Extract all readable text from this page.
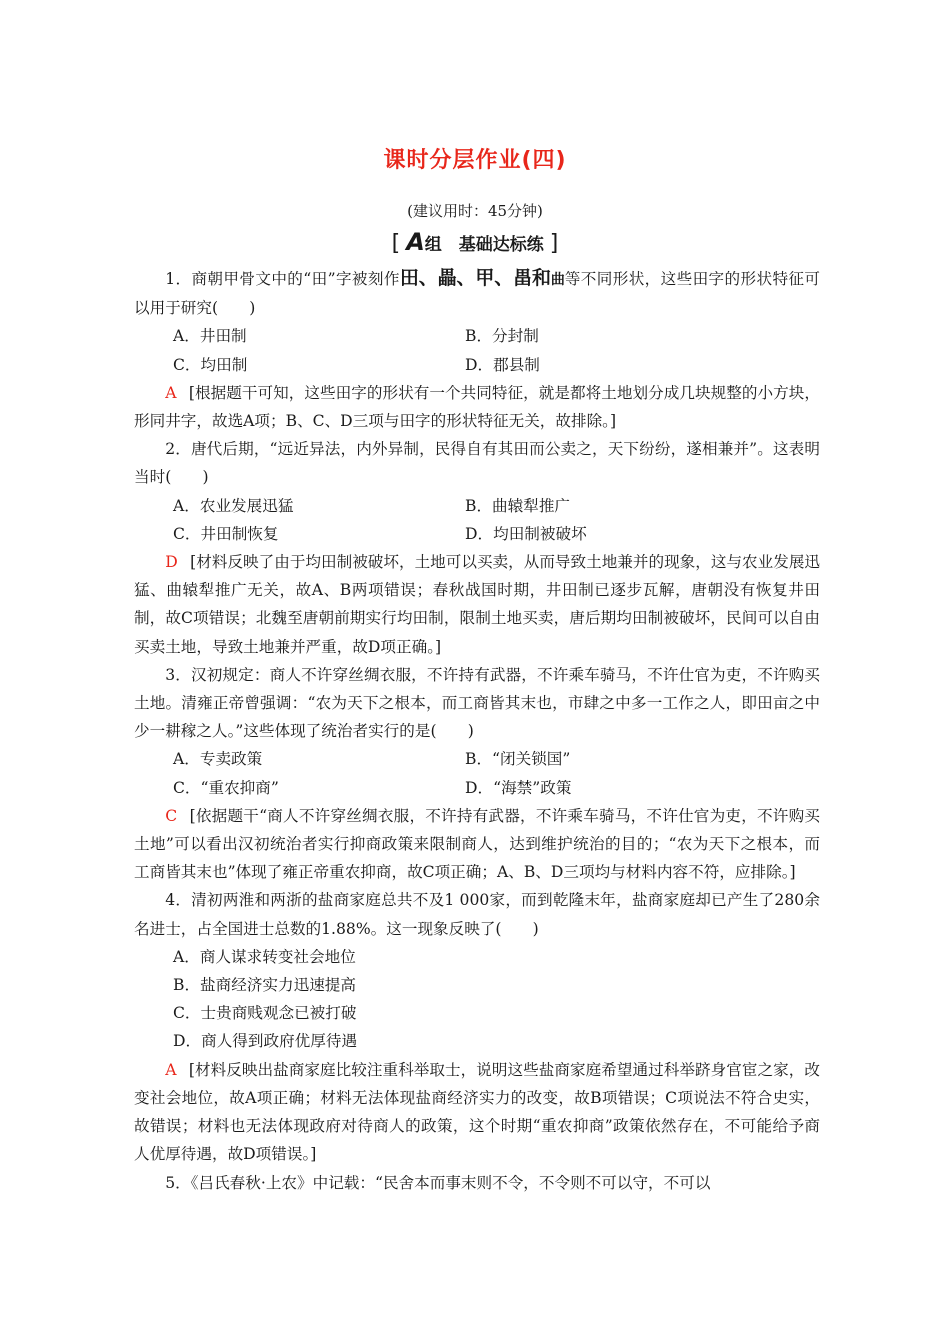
课时分层作业(四)
(建议用时：45分钟)
[ A组　基础达标练 ]

1．商朝甲骨文中的“田”字被刻作田、畾、甲、畕和曲等不同形状，这些田字的形状特征可以用于研究(　　)

A．井田制	B．分封制
C．均田制	D．郡县制

A [根据题干可知，这些田字的形状有一个共同特征，就是都将土地划分成几块规整的小方块，形同井字，故选A项；B、C、D三项与田字的形状特征无关，故排除。]

2．唐代后期，“远近异法，内外异制，民得自有其田而公卖之，天下纷纷，遂相兼并”。这表明当时(　　)

A．农业发展迅猛	B．曲辕犁推广
C．井田制恢复	D．均田制被破坏

D [材料反映了由于均田制被破坏，土地可以买卖，从而导致土地兼并的现象，这与农业发展迅猛、曲辕犁推广无关，故A、B两项错误；春秋战国时期，井田制已逐步瓦解，唐朝没有恢复井田制，故C项错误；北魏至唐朝前期实行均田制，限制土地买卖，唐后期均田制被破坏，民间可以自由买卖土地，导致土地兼并严重，故D项正确。]

3．汉初规定：商人不许穿丝绸衣服，不许持有武器，不许乘车骑马，不许仕官为吏，不许购买土地。清雍正帝曾强调：“农为天下之根本，而工商皆其末也，市肆之中多一工作之人，即田亩之中少一耕稼之人。”这些体现了统治者实行的是(　　)

A．专卖政策	B．“闭关锁国”
C．“重农抑商”	D．“海禁”政策

C [依据题干“商人不许穿丝绸衣服，不许持有武器，不许乘车骑马，不许仕官为吏，不许购买土地”可以看出汉初统治者实行抑商政策来限制商人，达到维护统治的目的；“农为天下之根本，而工商皆其末也”体现了雍正帝重农抑商，故C项正确；A、B、D三项均与材料内容不符，应排除。]

4．清初两淮和两浙的盐商家庭总共不及1 000家，而到乾隆末年，盐商家庭却已产生了280余名进士，占全国进士总数的1.88%。这一现象反映了(　　)

A．商人谋求转变社会地位

B．盐商经济实力迅速提高

C．士贵商贱观念已被打破

D．商人得到政府优厚待遇

A [材料反映出盐商家庭比较注重科举取士，说明这些盐商家庭希望通过科举跻身官宦之家，改变社会地位，故A项正确；材料无法体现盐商经济实力的改变，故B项错误；C项说法不符合史实，故错误；材料也无法体现政府对待商人的政策，这个时期“重农抑商”政策依然存在，不可能给予商人优厚待遇，故D项错误。]

5．《吕氏春秋·上农》中记载：“民舍本而事末则不令，不令则不可以守，不可以
